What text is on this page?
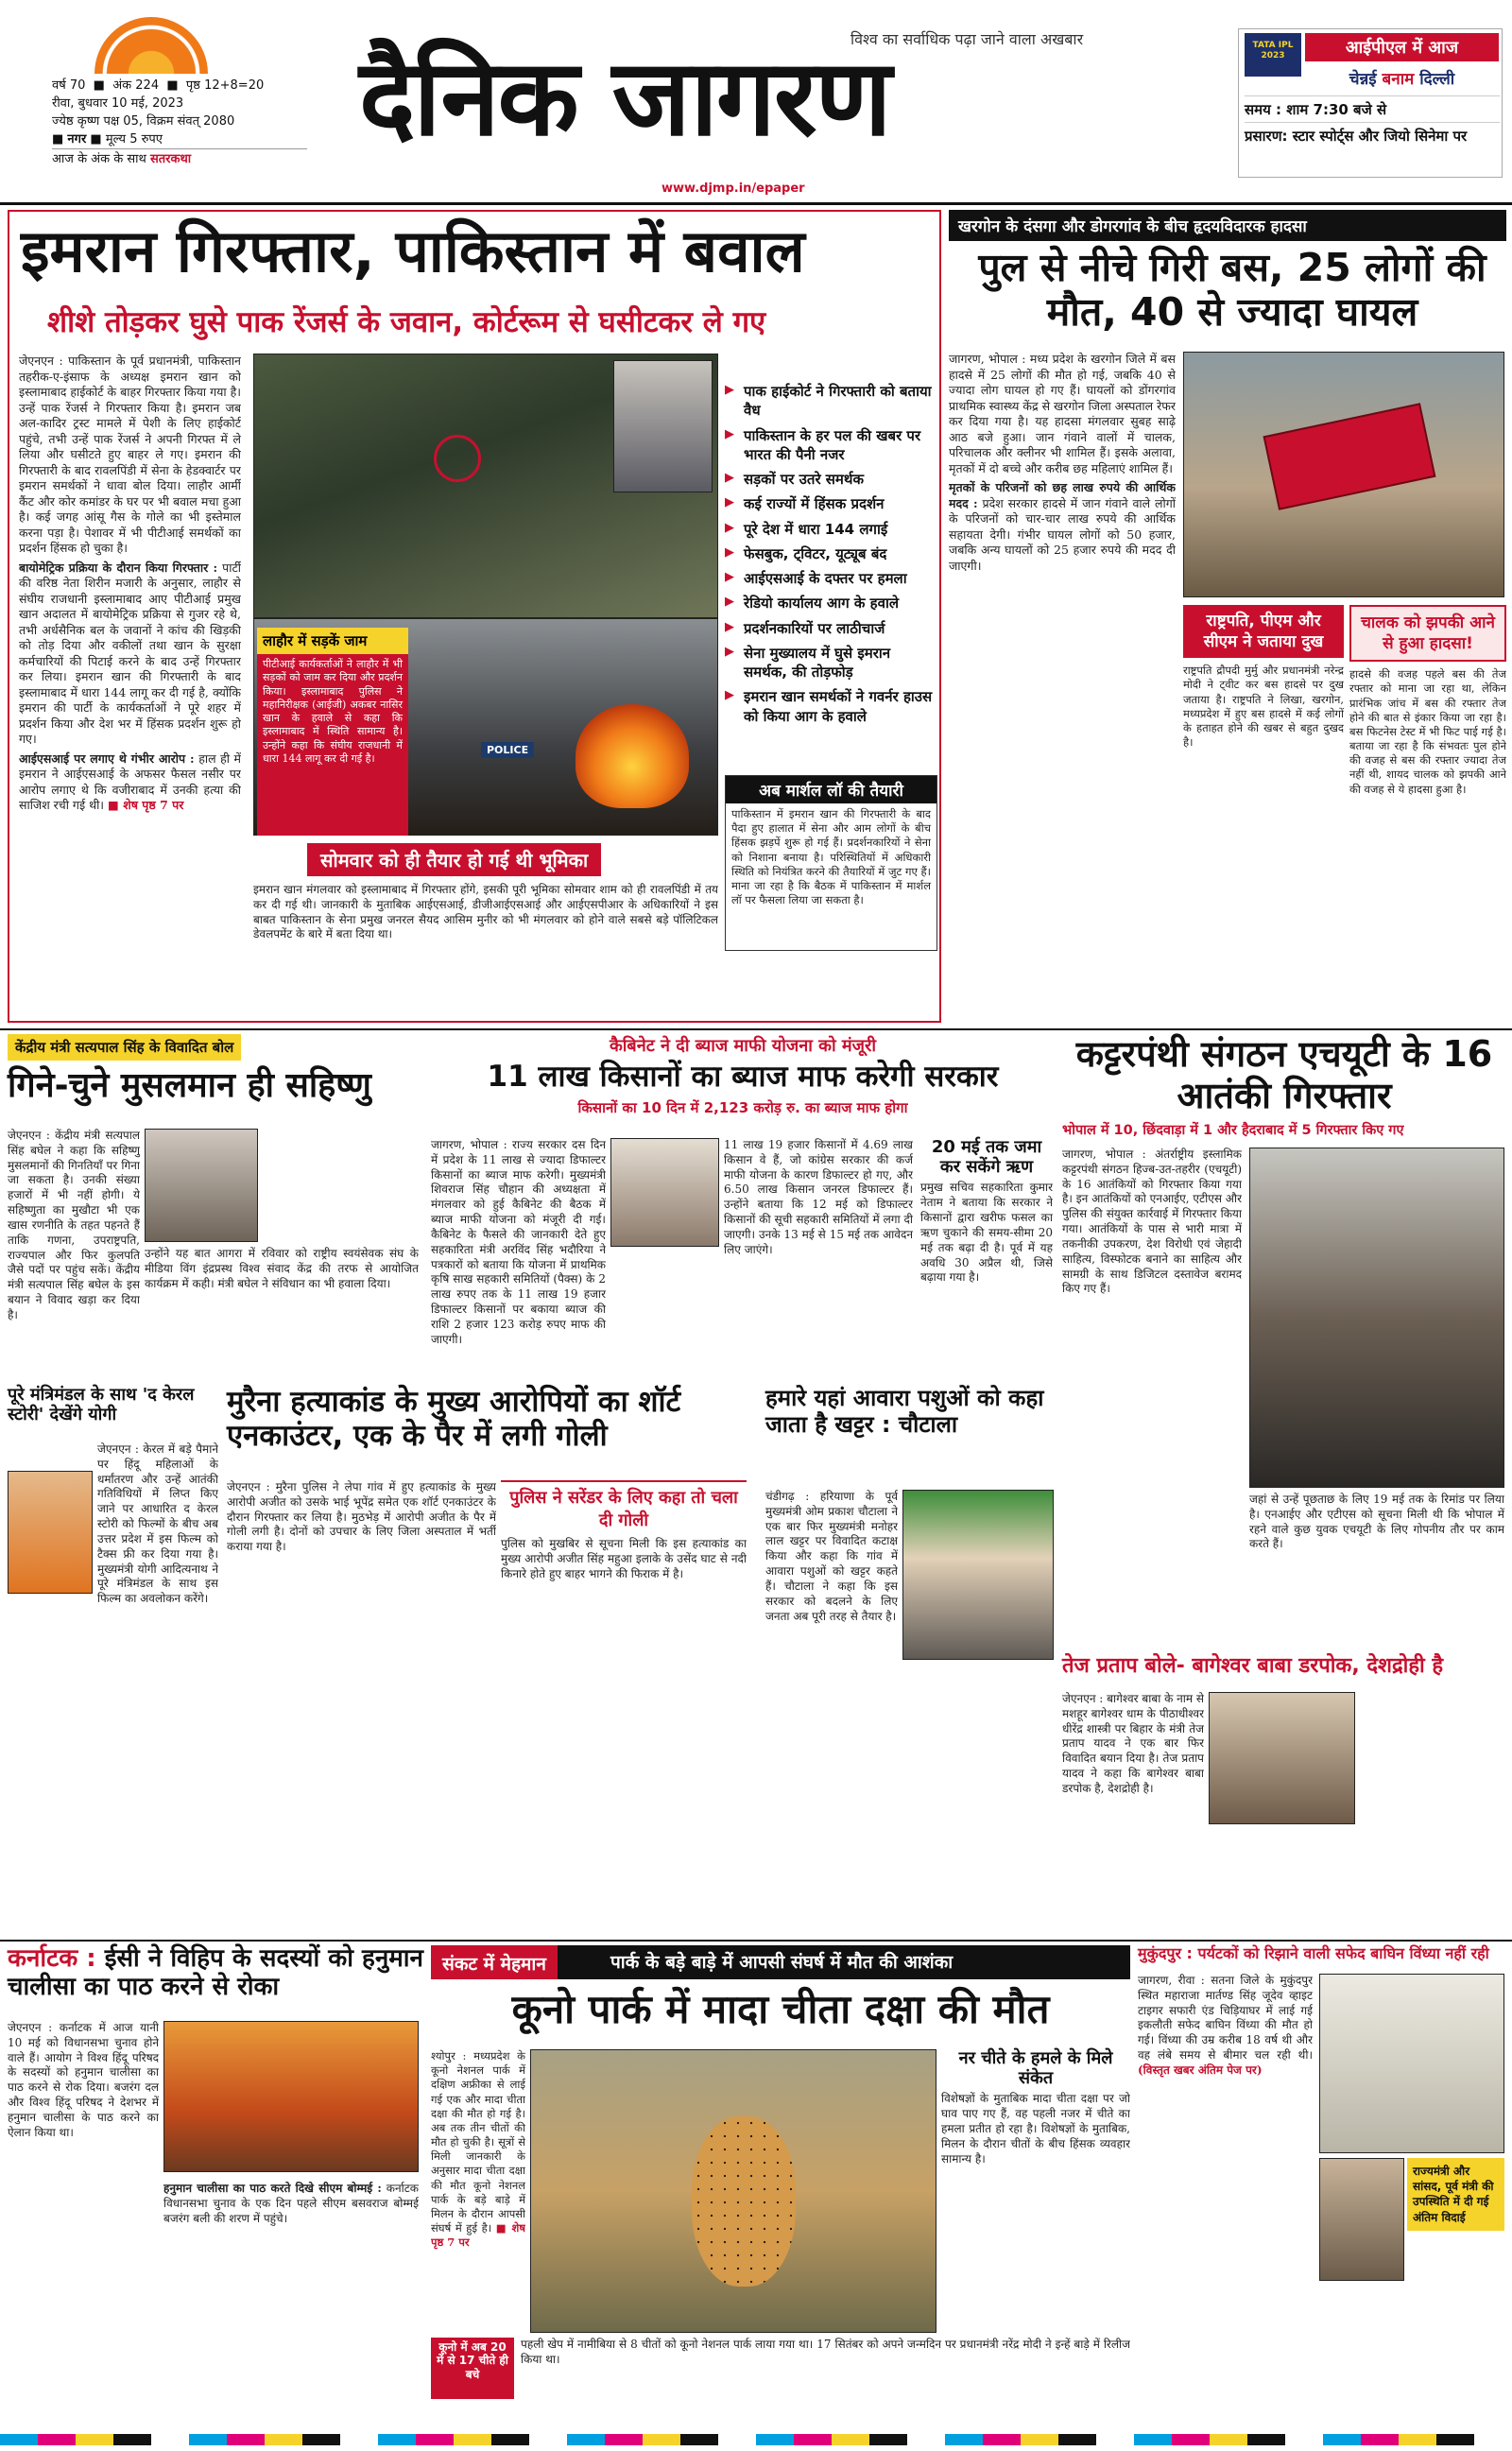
वर्ष 70  ■  अंक 224  ■  पृष्ठ 12+8=20
रीवा, बुधवार 10 मई, 2023
ज्येष्ठ कृष्ण पक्ष 05, विक्रम संवत् 2080
■ नगर ■ मूल्य 5 रुपए
आज के अंक के साथ सतरकथा
विश्व का सर्वाधिक पढ़ा जाने वाला अखबार
दैनिक जागरण
www.djmp.in/epaper
TATA IPL 2023	आईपीएल में आज
चेन्नई बनाम दिल्ली
समय : शाम 7:30 बजे से
प्रसारण: स्टार स्पोर्ट्स और जियो सिनेमा पर
इमरान गिरफ्तार, पाकिस्तान में बवाल
शीशे तोड़कर घुसे पाक रेंजर्स के जवान, कोर्टरूम से घसीटकर ले गए

जेएनएन : पाकिस्तान के पूर्व प्रधानमंत्री, पाकिस्तान तहरीक-ए-इंसाफ के अध्यक्ष इमरान खान को इस्लामाबाद हाईकोर्ट के बाहर गिरफ्तार किया गया है। उन्हें पाक रेंजर्स ने गिरफ्तार किया है। इमरान जब अल-कादिर ट्रस्ट मामले में पेशी के लिए हाईकोर्ट पहुंचे, तभी उन्हें पाक रेंजर्स ने अपनी गिरफ्त में ले लिया और घसीटते हुए बाहर ले गए। इमरान की गिरफ्तारी के बाद रावलपिंडी में सेना के हेडक्वार्टर पर इमरान समर्थकों ने धावा बोल दिया। लाहौर आर्मी कैंट और कोर कमांडर के घर पर भी बवाल मचा हुआ है। कई जगह आंसू गैस के गोले का भी इस्तेमाल करना पड़ा है। पेशावर में भी पीटीआई समर्थकों का प्रदर्शन हिंसक हो चुका है।

बायोमेट्रिक प्रक्रिया के दौरान किया गिरफ्तार : पार्टी की वरिष्ठ नेता शिरीन मजारी के अनुसार, लाहौर से संघीय राजधानी इस्लामाबाद आए पीटीआई प्रमुख खान अदालत में बायोमेट्रिक प्रक्रिया से गुजर रहे थे, तभी अर्धसैनिक बल के जवानों ने कांच की खिड़की को तोड़ दिया और वकीलों तथा खान के सुरक्षा कर्मचारियों की पिटाई करने के बाद उन्हें गिरफ्तार कर लिया। इमरान खान की गिरफ्तारी के बाद इस्लामाबाद में धारा 144 लागू कर दी गई है, क्योंकि इमरान की पार्टी के कार्यकर्ताओं ने पूरे शहर में प्रदर्शन किया और देश भर में हिंसक प्रदर्शन शुरू हो गए।

आईएसआई पर लगाए थे गंभीर आरोप : हाल ही में इमरान ने आईएसआई के अफसर फैसल नसीर पर आरोप लगाए थे कि वजीराबाद में उनकी हत्या की साजिश रची गई थी। ■ शेष पृष्ठ 7 पर

POLICE
लाहौर में सड़कें जाम
पीटीआई कार्यकर्ताओं ने लाहौर में भी सड़कों को जाम कर दिया और प्रदर्शन किया। इस्लामाबाद पुलिस ने महानिरीक्षक (आईजी) अकबर नासिर खान के हवाले से कहा कि इस्लामाबाद में स्थिति सामान्य है। उन्होंने कहा कि संघीय राजधानी में धारा 144 लागू कर दी गई है।
▶ पाक हाईकोर्ट ने गिरफ्तारी को बताया वैध
▶ पाकिस्तान के हर पल की खबर पर भारत की पैनी नजर
▶ सड़कों पर उतरे समर्थक
▶ कई राज्यों में हिंसक प्रदर्शन
▶ पूरे देश में धारा 144 लगाई
▶ फेसबुक, ट्विटर, यूट्यूब बंद
▶ आईएसआई के दफ्तर पर हमला
▶ रेडियो कार्यालय आग के हवाले
▶ प्रदर्शनकारियों पर लाठीचार्ज
▶ सेना मुख्यालय में घुसे इमरान समर्थक, की तोड़फोड़
▶ इमरान खान समर्थकों ने गवर्नर हाउस को किया आग के हवाले
अब मार्शल लॉ की तैयारी
पाकिस्तान में इमरान खान की गिरफ्तारी के बाद पैदा हुए हालात में सेना और आम लोगों के बीच हिंसक झड़पें शुरू हो गई हैं। प्रदर्शनकारियों ने सेना को निशाना बनाया है। परिस्थितियों में अधिकारी स्थिति को नियंत्रित करने की तैयारियों में जुट गए हैं। माना जा रहा है कि बैठक में पाकिस्तान में मार्शल लॉ पर फैसला लिया जा सकता है।
सोमवार को ही तैयार हो गई थी भूमिका
इमरान खान मंगलवार को इस्लामाबाद में गिरफ्तार होंगे, इसकी पूरी भूमिका सोमवार शाम को ही रावलपिंडी में तय कर दी गई थी। जानकारी के मुताबिक आईएसआई, डीजीआईएसआई और आईएसपीआर के अधिकारियों ने इस बाबत पाकिस्तान के सेना प्रमुख जनरल सैयद आसिम मुनीर को भी मंगलवार को होने वाले सबसे बड़े पॉलिटिकल डेवलपमेंट के बारे में बता दिया था।
खरगोन के दंसगा और डोगरगांव के बीच हृदयविदारक हादसा
पुल से नीचे गिरी बस, 25 लोगों की मौत, 40 से ज्यादा घायल

जागरण, भोपाल : मध्य प्रदेश के खरगोन जिले में बस हादसे में 25 लोगों की मौत हो गई, जबकि 40 से ज्यादा लोग घायल हो गए हैं। घायलों को डोंगरगांव प्राथमिक स्वास्थ्य केंद्र से खरगोन जिला अस्पताल रेफर कर दिया गया है। यह हादसा मंगलवार सुबह साढ़े आठ बजे हुआ। जान गंवाने वालों में चालक, परिचालक और क्लीनर भी शामिल हैं। इसके अलावा, मृतकों में दो बच्चे और करीब छह महिलाएं शामिल हैं।

मृतकों के परिजनों को छह लाख रुपये की आर्थिक मदद : प्रदेश सरकार हादसे में जान गंवाने वाले लोगों के परिजनों को चार-चार लाख रुपये की आर्थिक सहायता देगी। गंभीर घायल लोगों को 50 हजार, जबकि अन्य घायलों को 25 हजार रुपये की मदद दी जाएगी।

राष्ट्रपति, पीएम और सीएम ने जताया दुख
राष्ट्रपति द्रौपदी मुर्मु और प्रधानमंत्री नरेन्द्र मोदी ने ट्वीट कर बस हादसे पर दुख जताया है। राष्ट्रपति ने लिखा, खरगोन, मध्यप्रदेश में हुए बस हादसे में कई लोगों के हताहत होने की खबर से बहुत दुखद है।
चालक को झपकी आने से हुआ हादसा!
हादसे की वजह पहले बस की तेज रफ्तार को माना जा रहा था, लेकिन प्रारंभिक जांच में बस की रफ्तार तेज होने की बात से इंकार किया जा रहा है। बस फिटनेस टेस्ट में भी फिट पाई गई है। बताया जा रहा है कि संभवतः पुल होने की वजह से बस की रफ्तार ज्यादा तेज नहीं थी, शायद चालक को झपकी आने की वजह से ये हादसा हुआ है।
केंद्रीय मंत्री सत्यपाल सिंह के विवादित बोल
गिने-चुने मुसलमान ही सहिष्णु
जेएनएन : केंद्रीय मंत्री सत्यपाल सिंह बघेल ने कहा कि सहिष्णु मुसलमानों की गिनतियाँ पर गिना जा सकता है। उनकी संख्या हजारों में भी नहीं होगी। ये सहिष्णुता का मुखौटा भी एक खास रणनीति के तहत पहनते हैं ताकि गणना, उपराष्ट्रपति, राज्यपाल और फिर कुलपति जैसे पदों पर पहुंच सकें। केंद्रीय मंत्री सत्यपाल सिंह बघेल के इस बयान ने विवाद खड़ा कर दिया है।
उन्होंने यह बात आगरा में रविवार को राष्ट्रीय स्वयंसेवक संघ के मीडिया विंग इंद्रप्रस्थ विश्व संवाद केंद्र की तरफ से आयोजित कार्यक्रम में कही। मंत्री बघेल ने संविधान का भी हवाला दिया।
कैबिनेट ने दी ब्याज माफी योजना को मंजूरी
11 लाख किसानों का ब्याज माफ करेगी सरकार
किसानों का 10 दिन में 2,123 करोड़ रु. का ब्याज माफ होगा
जागरण, भोपाल : राज्य सरकार दस दिन में प्रदेश के 11 लाख से ज्यादा डिफाल्टर किसानों का ब्याज माफ करेगी। मुख्यमंत्री शिवराज सिंह चौहान की अध्यक्षता में मंगलवार को हुई कैबिनेट की बैठक में ब्याज माफी योजना को मंजूरी दी गई। कैबिनेट के फैसले की जानकारी देते हुए सहकारिता मंत्री अरविंद सिंह भदौरिया ने पत्रकारों को बताया कि योजना में प्राथमिक कृषि साख सहकारी समितियों (पैक्स) के 2 लाख रुपए तक के 11 लाख 19 हजार डिफाल्टर किसानों पर बकाया ब्याज की राशि 2 हजार 123 करोड़ रुपए माफ की जाएगी।
11 लाख 19 हजार किसानों में 4.69 लाख किसान वे हैं, जो कांग्रेस सरकार की कर्ज माफी योजना के कारण डिफाल्टर हो गए, और 6.50 लाख किसान जनरल डिफाल्टर हैं। उन्होंने बताया कि 12 मई को डिफाल्टर किसानों की सूची सहकारी समितियों में लगा दी जाएगी। उनके 13 मई से 15 मई तक आवेदन लिए जाएंगे।
20 मई तक जमा कर सकेंगे ऋण
प्रमुख सचिव सहकारिता कुमार नेताम ने बताया कि सरकार ने किसानों द्वारा खरीफ फसल का ऋण चुकाने की समय-सीमा 20 मई तक बढ़ा दी है। पूर्व में यह अवधि 30 अप्रैल थी, जिसे बढ़ाया गया है।
कट्टरपंथी संगठन एचयूटी के 16 आतंकी गिरफ्तार
भोपाल में 10, छिंदवाड़ा में 1 और हैदराबाद में 5 गिरफ्तार किए गए
जागरण, भोपाल : अंतर्राष्ट्रीय इस्लामिक कट्टरपंथी संगठन हिज्ब-उत-तहरीर (एचयूटी) के 16 आतंकियों को गिरफ्तार किया गया है। इन आतंकियों को एनआईए, एटीएस और पुलिस की संयुक्त कार्रवाई में गिरफ्तार किया गया। आतंकियों के पास से भारी मात्रा में तकनीकी उपकरण, देश विरोधी एवं जेहादी साहित्य, विस्फोटक बनाने का साहित्य और सामग्री के साथ डिजिटल दस्तावेज बरामद किए गए हैं।
जहां से उन्हें पूछताछ के लिए 19 मई तक के रिमांड पर लिया है। एनआईए और एटीएस को सूचना मिली थी कि भोपाल में रहने वाले कुछ युवक एचयूटी के लिए गोपनीय तौर पर काम करते हैं।
पूरे मंत्रिमंडल के साथ 'द केरल स्टोरी' देखेंगे योगी
जेएनएन : केरल में बड़े पैमाने पर हिंदू महिलाओं के धर्मांतरण और उन्हें आतंकी गतिविधियों में लिप्त किए जाने पर आधारित द केरल स्टोरी को फिल्मों के बीच अब उत्तर प्रदेश में इस फिल्म को टैक्स फ्री कर दिया गया है। मुख्यमंत्री योगी आदित्यनाथ ने पूरे मंत्रिमंडल के साथ इस फिल्म का अवलोकन करेंगे।
मुरैना हत्याकांड के मुख्य आरोपियों का शॉर्ट एनकाउंटर, एक के पैर में लगी गोली
पुलिस ने सरेंडर के लिए कहा तो चला दी गोली
जेएनएन : मुरैना पुलिस ने लेपा गांव में हुए हत्याकांड के मुख्य आरोपी अजीत को उसके भाई भूपेंद्र समेत एक शॉर्ट एनकाउंटर के दौरान गिरफ्तार कर लिया है। मुठभेड़ में आरोपी अजीत के पैर में गोली लगी है। दोनों को उपचार के लिए जिला अस्पताल में भर्ती कराया गया है।	पुलिस को मुखबिर से सूचना मिली कि इस हत्याकांड का मुख्य आरोपी अजीत सिंह महुआ इलाके के उसेंद घाट से नदी किनारे होते हुए बाहर भागने की फिराक में है।
हमारे यहां आवारा पशुओं को कहा जाता है खट्टर : चौटाला
चंडीगढ़ : हरियाणा के पूर्व मुख्यमंत्री ओम प्रकाश चौटाला ने एक बार फिर मुख्यमंत्री मनोहर लाल खट्टर पर विवादित कटाक्ष किया और कहा कि गांव में आवारा पशुओं को खट्टर कहते हैं। चौटाला ने कहा कि इस सरकार को बदलने के लिए जनता अब पूरी तरह से तैयार है।
तेज प्रताप बोले- बागेश्वर बाबा डरपोक, देशद्रोही है
जेएनएन : बागेश्वर बाबा के नाम से मशहूर बागेश्वर धाम के पीठाधीश्वर धीरेंद्र शास्त्री पर बिहार के मंत्री तेज प्रताप यादव ने एक बार फिर विवादित बयान दिया है। तेज प्रताप यादव ने कहा कि बागेश्वर बाबा डरपोक है, देशद्रोही है।
कर्नाटक : ईसी ने विहिप के सदस्यों को हनुमान चालीसा का पाठ करने से रोका
जेएनएन : कर्नाटक में आज यानी 10 मई को विधानसभा चुनाव होने वाले हैं। आयोग ने विश्व हिंदू परिषद के सदस्यों को हनुमान चालीसा का पाठ करने से रोक दिया। बजरंग दल और विश्व हिंदू परिषद ने देशभर में हनुमान चालीसा के पाठ करने का ऐलान किया था।
हनुमान चालीसा का पाठ करते दिखे सीएम बोम्मई : कर्नाटक विधानसभा चुनाव के एक दिन पहले सीएम बसवराज बोम्मई बजरंग बली की शरण में पहुंचे।
संकट में मेहमान	पार्क के बड़े बाड़े में आपसी संघर्ष में मौत की आशंका
कूनो पार्क में मादा चीता दक्षा की मौत
श्योपुर : मध्यप्रदेश के कूनो नेशनल पार्क में दक्षिण अफ्रीका से लाई गई एक और मादा चीता दक्षा की मौत हो गई है। अब तक तीन चीतों की मौत हो चुकी है। सूत्रों से मिली जानकारी के अनुसार मादा चीता दक्षा की मौत कूनो नेशनल पार्क के बड़े बाड़े में मिलन के दौरान आपसी संघर्ष में हुई है। ■ शेष पृष्ठ 7 पर
नर चीते के हमले के मिले संकेत
विशेषज्ञों के मुताबिक मादा चीता दक्षा पर जो घाव पाए गए हैं, वह पहली नजर में चीते का हमला प्रतीत हो रहा है। विशेषज्ञों के मुताबिक, मिलन के दौरान चीतों के बीच हिंसक व्यवहार सामान्य है।
कूनो में अब 20 में से 17 चीते ही बचे
पहली खेप में नामीबिया से 8 चीतों को कूनो नेशनल पार्क लाया गया था। 17 सितंबर को अपने जन्मदिन पर प्रधानमंत्री नरेंद्र मोदी ने इन्हें बाड़े में रिलीज किया था।
मुकुंदपुर : पर्यटकों को रिझाने वाली सफेद बाघिन विंध्या नहीं रही
जागरण, रीवा : सतना जिले के मुकुंदपुर स्थित महाराजा मार्तण्ड सिंह जूदेव व्हाइट टाइगर सफारी एंड चिड़ियाघर में लाई गई इकलौती सफेद बाघिन विंध्या की मौत हो गई। विंध्या की उम्र करीब 18 वर्ष थी और वह लंबे समय से बीमार चल रही थी। (विस्तृत खबर अंतिम पेज पर)
राज्यमंत्री और सांसद, पूर्व मंत्री की उपस्थिति में दी गई अंतिम विदाई
